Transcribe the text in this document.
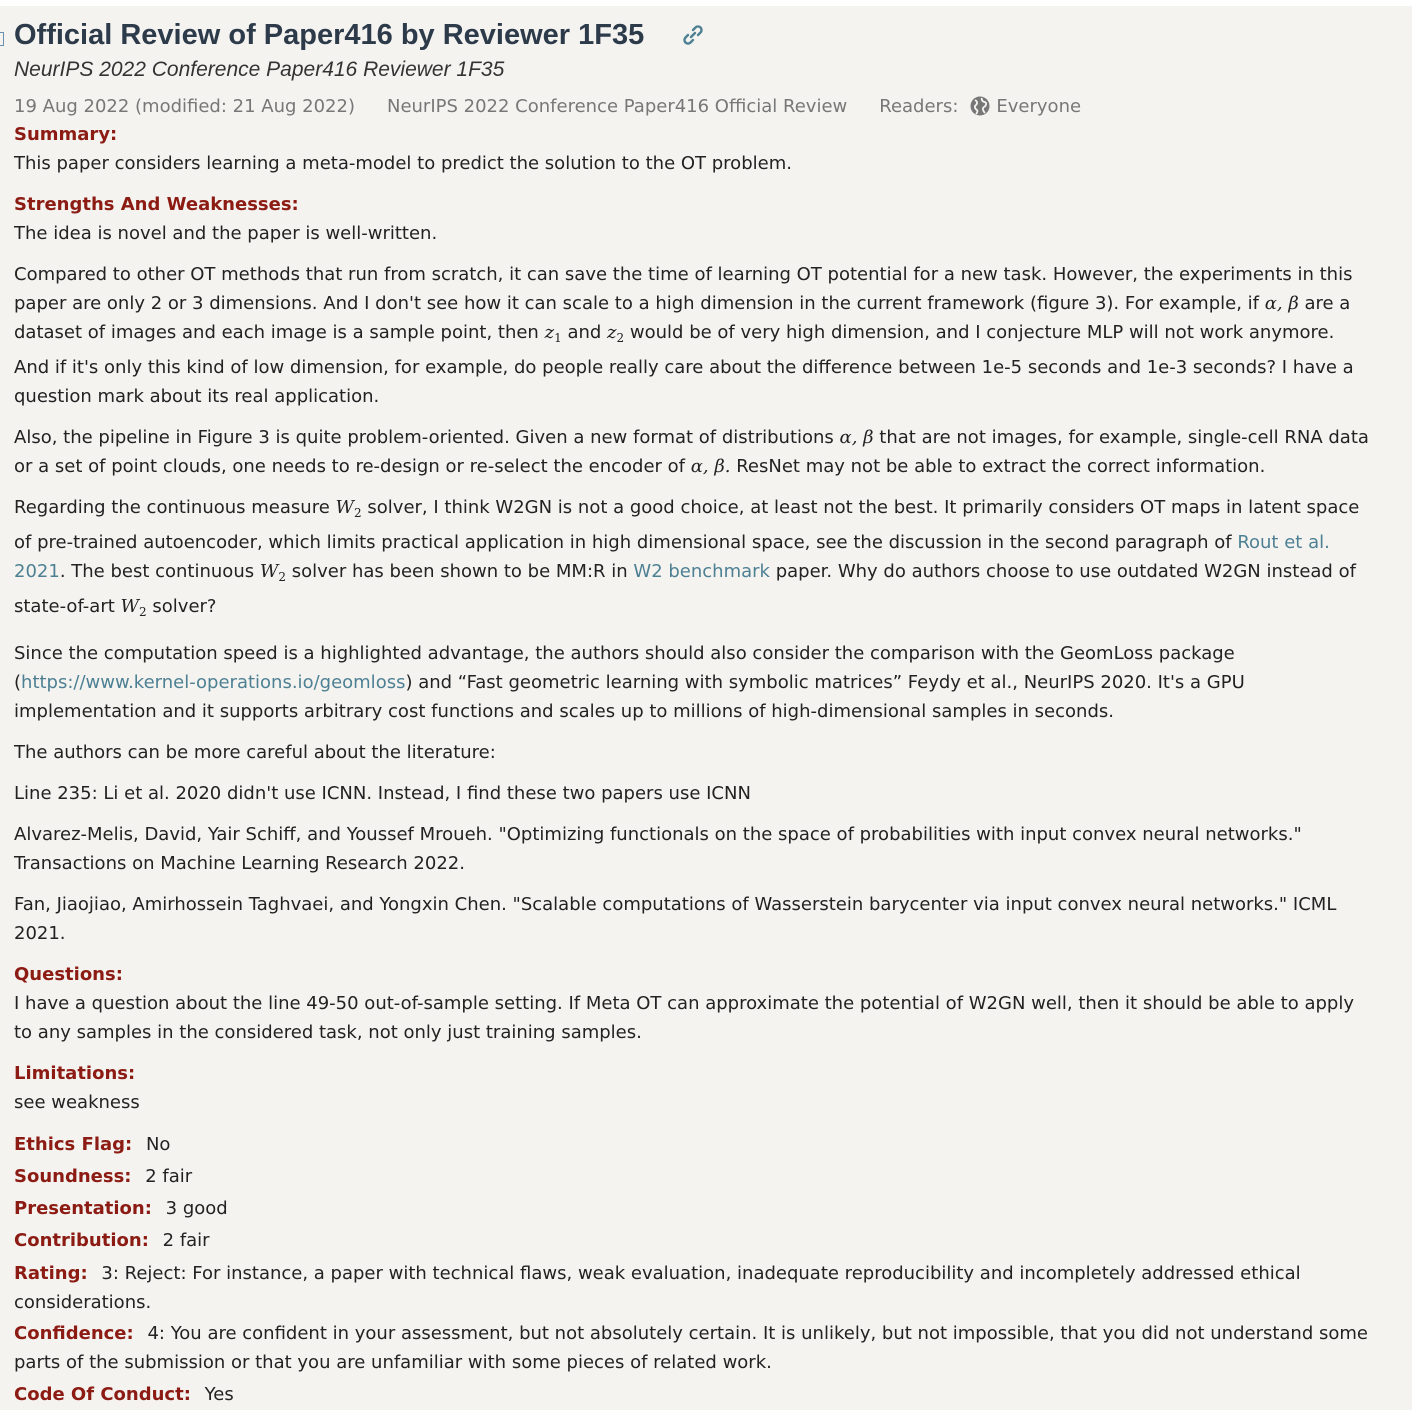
Official Review of Paper416 by Reviewer 1F35
NeurIPS 2022 Conference Paper416 Reviewer 1F35
19 Aug 2022 (modified: 21 Aug 2022) NeurIPS 2022 Conference Paper416 Official Review Readers: Everyone
Summary:
This paper considers learning a meta-model to predict the solution to the OT problem.
Strengths And Weaknesses:

The idea is novel and the paper is well-written.

Compared to other OT methods that run from scratch, it can save the time of learning OT potential for a new task. However, the experiments in this paper are only 2 or 3 dimensions. And I don't see how it can scale to a high dimension in the current framework (figure 3). For example, if α, β are a dataset of images and each image is a sample point, then $z_1$ and $z_2$ would be of very high dimension, and I conjecture MLP will not work anymore. And if it's only this kind of low dimension, for example, do people really care about the difference between 1e-5 seconds and 1e-3 seconds? I have a question mark about its real application.

Also, the pipeline in Figure 3 is quite problem-oriented. Given a new format of distributions α, β that are not images, for example, single-cell RNA data or a set of point clouds, one needs to re-design or re-select the encoder of α, β. ResNet may not be able to extract the correct information.

Regarding the continuous measure $W_2$ solver, I think W2GN is not a good choice, at least not the best. It primarily considers OT maps in latent space of pre-trained autoencoder, which limits practical application in high dimensional space, see the discussion in the second paragraph of Rout et al. 2021. The best continuous $W_2$ solver has been shown to be MM:R in W2 benchmark paper. Why do authors choose to use outdated W2GN instead of state-of-art $W_2$ solver?

Since the computation speed is a highlighted advantage, the authors should also consider the comparison with the GeomLoss package (https://www.kernel-operations.io/geomloss) and “Fast geometric learning with symbolic matrices” Feydy et al., NeurIPS 2020. It's a GPU implementation and it supports arbitrary cost functions and scales up to millions of high-dimensional samples in seconds.

The authors can be more careful about the literature:

Line 235: Li et al. 2020 didn't use ICNN. Instead, I find these two papers use ICNN

Alvarez-Melis, David, Yair Schiff, and Youssef Mroueh. "Optimizing functionals on the space of probabilities with input convex neural networks." Transactions on Machine Learning Research 2022.

Fan, Jiaojiao, Amirhossein Taghvaei, and Yongxin Chen. "Scalable computations of Wasserstein barycenter via input convex neural networks." ICML 2021.

Questions:
I have a question about the line 49-50 out-of-sample setting. If Meta OT can approximate the potential of W2GN well, then it should be able to apply to any samples in the considered task, not only just training samples.
Limitations:
see weakness
Ethics Flag: No
Soundness: 2 fair
Presentation: 3 good
Contribution: 2 fair
Rating: 3: Reject: For instance, a paper with technical flaws, weak evaluation, inadequate reproducibility and incompletely addressed ethical considerations.
Confidence: 4: You are confident in your assessment, but not absolutely certain. It is unlikely, but not impossible, that you did not understand some parts of the submission or that you are unfamiliar with some pieces of related work.
Code Of Conduct: Yes
